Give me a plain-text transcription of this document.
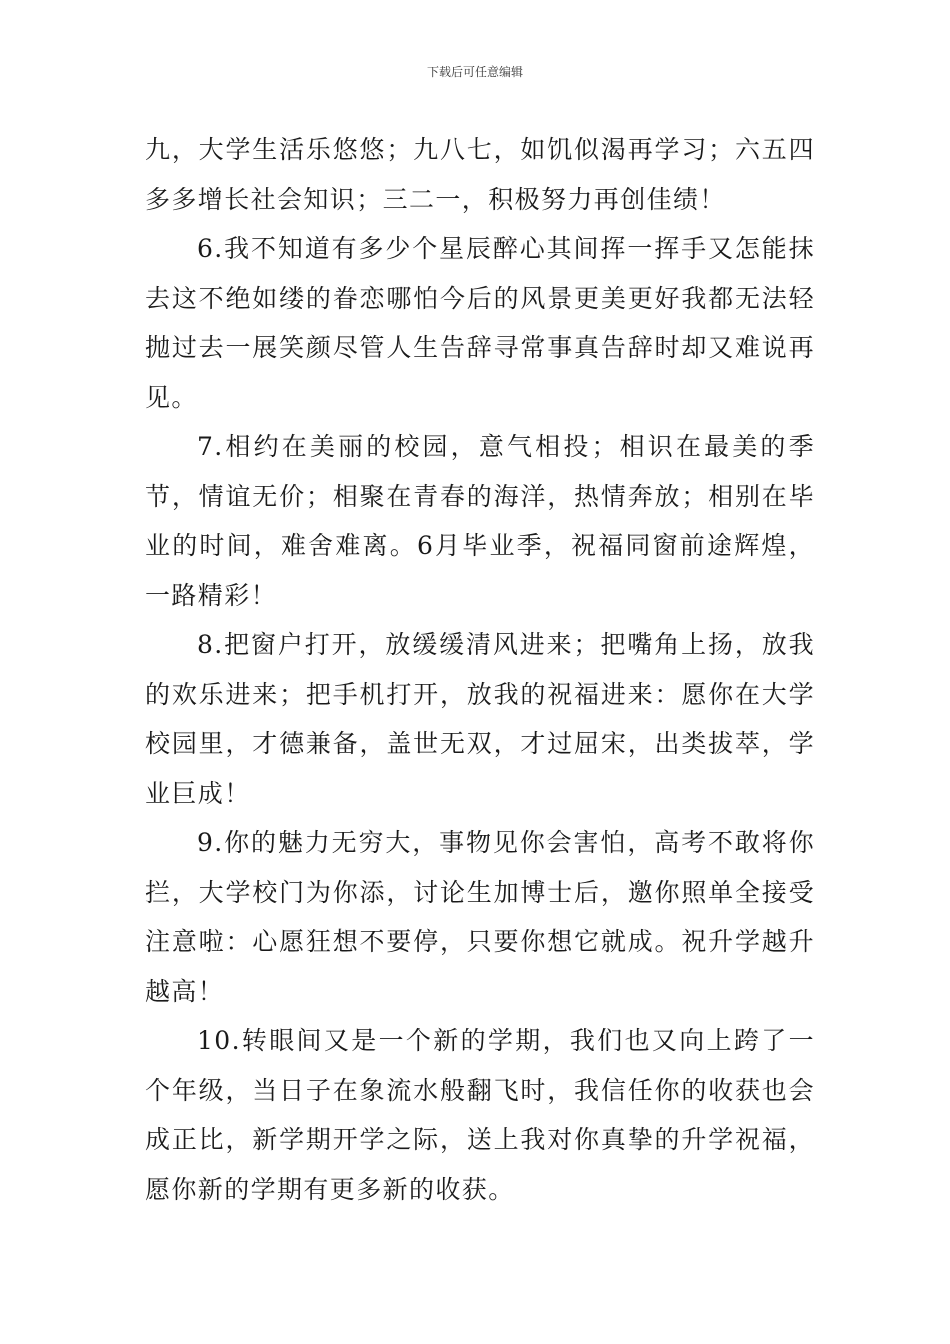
下载后可任意编辑

九，大学生活乐悠悠；九八七，如饥似渴再学习；六五四多多增长社会知识；三二一，积极努力再创佳绩！

6.我不知道有多少个星辰醉心其间挥一挥手又怎能抹去这不绝如缕的眷恋哪怕今后的风景更美更好我都无法轻抛过去一展笑颜尽管人生告辞寻常事真告辞时却又难说再见。

7.相约在美丽的校园，意气相投；相识在最美的季节，情谊无价；相聚在青春的海洋，热情奔放；相别在毕业的时间，难舍难离。6月毕业季，祝福同窗前途辉煌，一路精彩！

8.把窗户打开，放缓缓清风进来；把嘴角上扬，放我的欢乐进来；把手机打开，放我的祝福进来：愿你在大学校园里，才德兼备，盖世无双，才过屈宋，出类拔萃，学业巨成！

9.你的魅力无穷大，事物见你会害怕，高考不敢将你拦，大学校门为你添，讨论生加博士后，邀你照单全接受注意啦：心愿狂想不要停，只要你想它就成。祝升学越升越高！

10.转眼间又是一个新的学期，我们也又向上跨了一个年级，当日子在象流水般翻飞时，我信任你的收获也会成正比，新学期开学之际，送上我对你真挚的升学祝福，愿你新的学期有更多新的收获。
